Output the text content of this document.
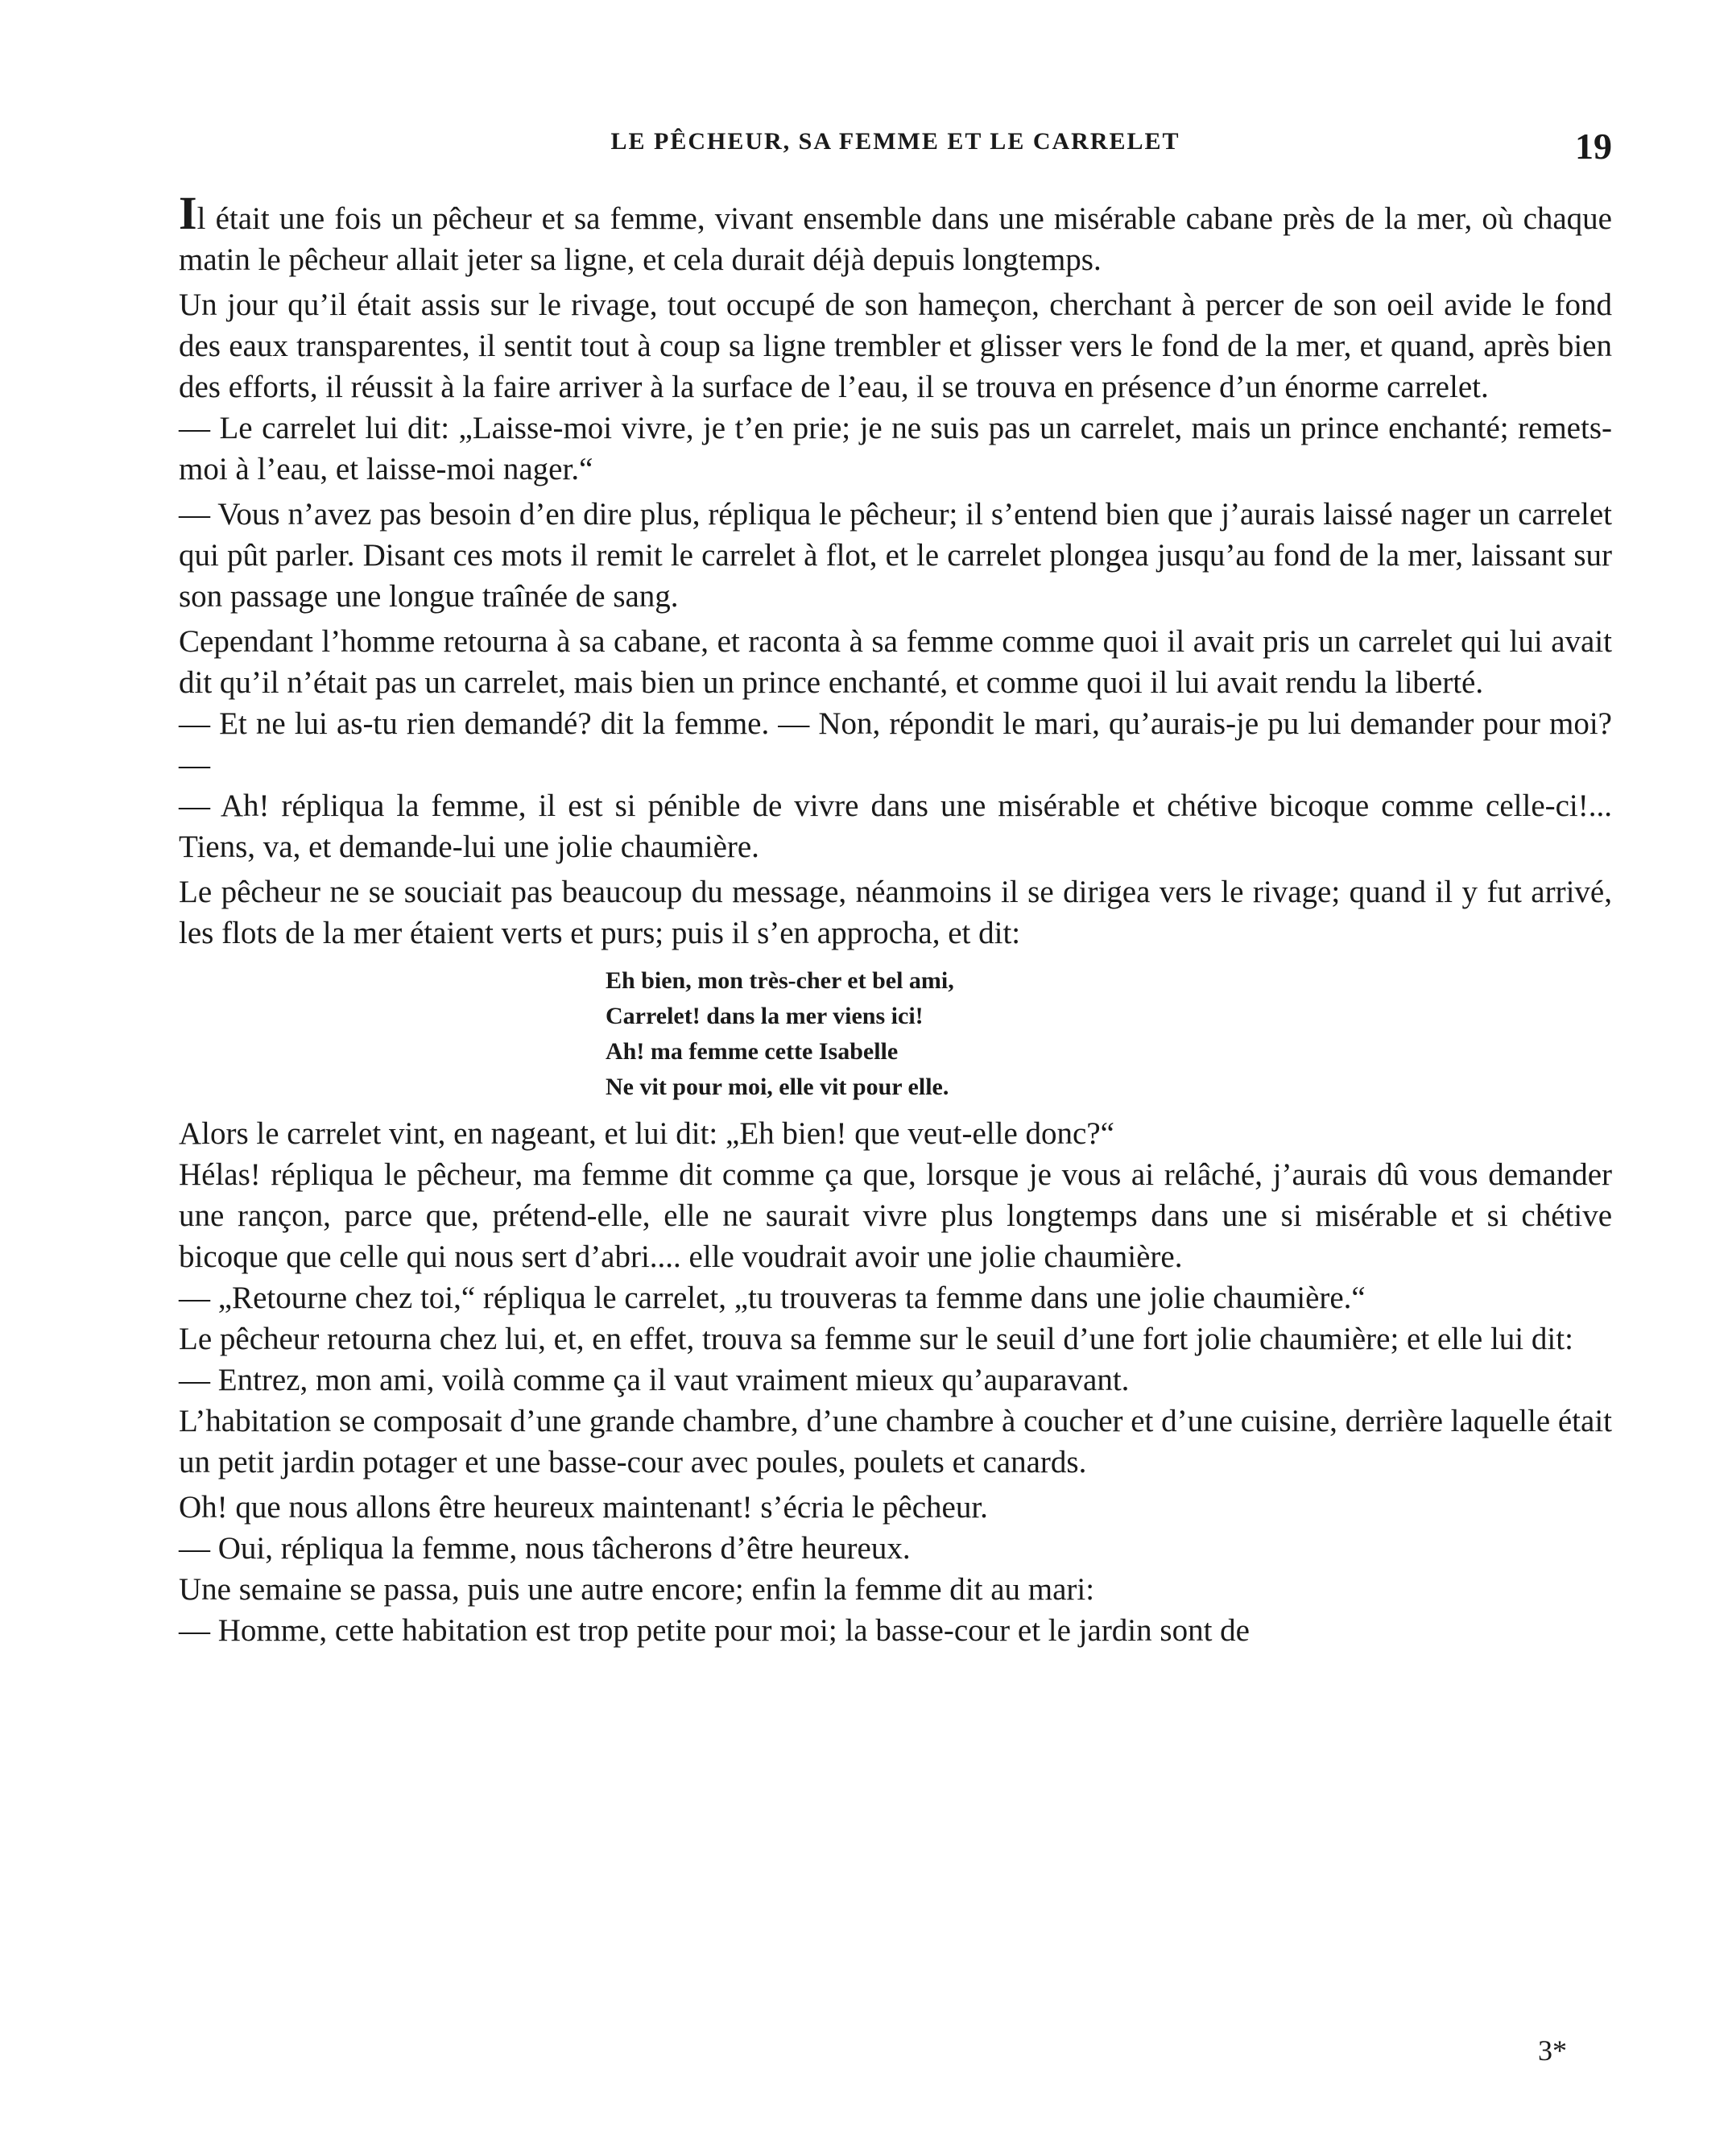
LE PÊCHEUR, SA FEMME ET LE CARRELET	19

Il était une fois un pêcheur et sa femme, vivant ensemble dans une misérable cabane près de la mer, où chaque matin le pêcheur allait jeter sa ligne, et cela durait déjà depuis longtemps.

Un jour qu’il était assis sur le rivage, tout occupé de son hameçon, cherchant à percer de son oeil avide le fond des eaux transparentes, il sentit tout à coup sa ligne trembler et glisser vers le fond de la mer, et quand, après bien des efforts, il réussit à la faire arriver à la surface de l’eau, il se trouva en présence d’un énorme carrelet.

— Le carrelet lui dit: „Laisse-moi vivre, je t’en prie; je ne suis pas un carrelet, mais un prince enchanté; remets-moi à l’eau, et laisse-moi nager.“

— Vous n’avez pas besoin d’en dire plus, répliqua le pêcheur; il s’entend bien que j’aurais laissé nager un carrelet qui pût parler. Disant ces mots il remit le carrelet à flot, et le carrelet plongea jusqu’au fond de la mer, laissant sur son passage une longue traînée de sang.

Cependant l’homme retourna à sa cabane, et raconta à sa femme comme quoi il avait pris un carrelet qui lui avait dit qu’il n’était pas un carrelet, mais bien un prince enchanté, et comme quoi il lui avait rendu la liberté.

— Et ne lui as-tu rien demandé? dit la femme. — Non, répondit le mari, qu’aurais-je pu lui demander pour moi? —

— Ah! répliqua la femme, il est si pénible de vivre dans une misérable et chétive bicoque comme celle-ci!... Tiens, va, et demande-lui une jolie chaumière.

Le pêcheur ne se souciait pas beaucoup du message, néanmoins il se dirigea vers le rivage; quand il y fut arrivé, les flots de la mer étaient verts et purs; puis il s’en approcha, et dit:

Eh bien, mon très-cher et bel ami,
Carrelet! dans la mer viens ici!
Ah! ma femme cette Isabelle
Ne vit pour moi, elle vit pour elle.

Alors le carrelet vint, en nageant, et lui dit: „Eh bien! que veut-elle donc?“

Hélas! répliqua le pêcheur, ma femme dit comme ça que, lorsque je vous ai relâché, j’aurais dû vous demander une rançon, parce que, prétend-elle, elle ne saurait vivre plus longtemps dans une si misérable et si chétive bicoque que celle qui nous sert d’abri.... elle voudrait avoir une jolie chaumière.

— „Retourne chez toi,“ répliqua le carrelet, „tu trouveras ta femme dans une jolie chaumière.“

Le pêcheur retourna chez lui, et, en effet, trouva sa femme sur le seuil d’une fort jolie chaumière; et elle lui dit:

— Entrez, mon ami, voilà comme ça il vaut vraiment mieux qu’auparavant.

L’habitation se composait d’une grande chambre, d’une chambre à coucher et d’une cuisine, derrière laquelle était un petit jardin potager et une basse-cour avec poules, poulets et canards.

Oh! que nous allons être heureux maintenant! s’écria le pêcheur.

— Oui, répliqua la femme, nous tâcherons d’être heureux.

Une semaine se passa, puis une autre encore; enfin la femme dit au mari:

— Homme, cette habitation est trop petite pour moi; la basse-cour et le jardin sont de

3*
